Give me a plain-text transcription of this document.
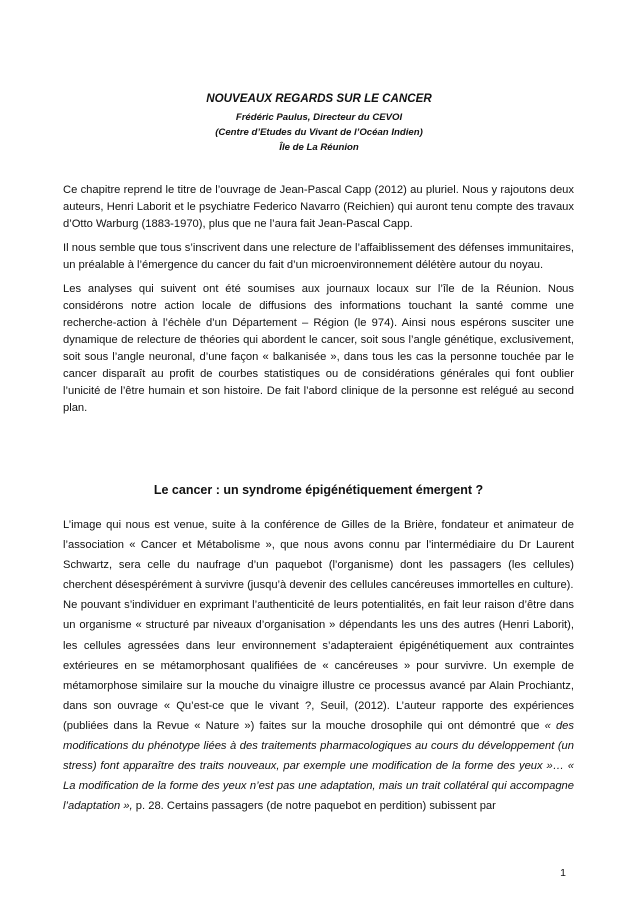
NOUVEAUX REGARDS SUR LE CANCER

Frédéric Paulus, Directeur du CEVOI

(Centre d’Etudes du Vivant de l’Océan Indien)

Île de La Réunion

Ce chapitre reprend le titre de l’ouvrage de Jean-Pascal Capp (2012) au pluriel. Nous y rajoutons deux auteurs, Henri Laborit et le psychiatre Federico Navarro (Reichien) qui auront tenu compte des travaux d’Otto Warburg (1883-1970), plus que ne l’aura fait Jean-Pascal Capp.

Il nous semble que tous s’inscrivent dans une relecture de l’affaiblissement des défenses immunitaires, un préalable à l’émergence du cancer du fait d’un microenvironnement délétère autour du noyau.

Les analyses qui suivent ont été soumises aux journaux locaux sur l’île de la Réunion. Nous considérons notre action locale de diffusions des informations touchant la santé comme une recherche-action à l’échèle d’un Département – Région (le 974). Ainsi nous espérons susciter une dynamique de relecture de théories qui abordent le cancer, soit sous l’angle génétique, exclusivement, soit sous l’angle neuronal, d’une façon « balkanisée », dans tous les cas la personne touchée par le cancer disparaît au profit de courbes statistiques ou de considérations générales qui font oublier l’unicité de l’être humain et son histoire. De fait l’abord clinique de la personne est relégué au second plan.

Le cancer : un syndrome épigénétiquement émergent ?

L’image qui nous est venue, suite à la conférence de Gilles de la Brière, fondateur et animateur de l’association « Cancer et Métabolisme », que nous avons connu par l’intermédiaire du Dr Laurent Schwartz, sera celle du naufrage d’un paquebot (l’organisme) dont les passagers (les cellules) cherchent désespérément à survivre (jusqu’à devenir des cellules cancéreuses immortelles en culture).

Ne pouvant s’individuer en exprimant l’authenticité de leurs potentialités, en fait leur raison d’être dans un organisme « structuré par niveaux d’organisation » dépendants les uns des autres (Henri Laborit), les cellules agressées dans leur environnement s’adapteraient épigénétiquement aux contraintes extérieures en se métamorphosant qualifiées de « cancéreuses » pour survivre. Un exemple de métamorphose similaire sur la mouche du vinaigre illustre ce processus avancé par Alain Prochiantz, dans son ouvrage « Qu’est-ce que le vivant ?, Seuil, (2012). L’auteur rapporte des expériences (publiées dans la Revue « Nature ») faites sur la mouche drosophile qui ont démontré que « des modifications du phénotype liées à des traitements pharmacologiques au cours du développement (un stress) font apparaître des traits nouveaux, par exemple une modification de la forme des yeux »… « La modification de la forme des yeux n’est pas une adaptation, mais un trait collatéral qui accompagne l’adaptation », p. 28. Certains passagers (de notre paquebot en perdition) subissent par

1
